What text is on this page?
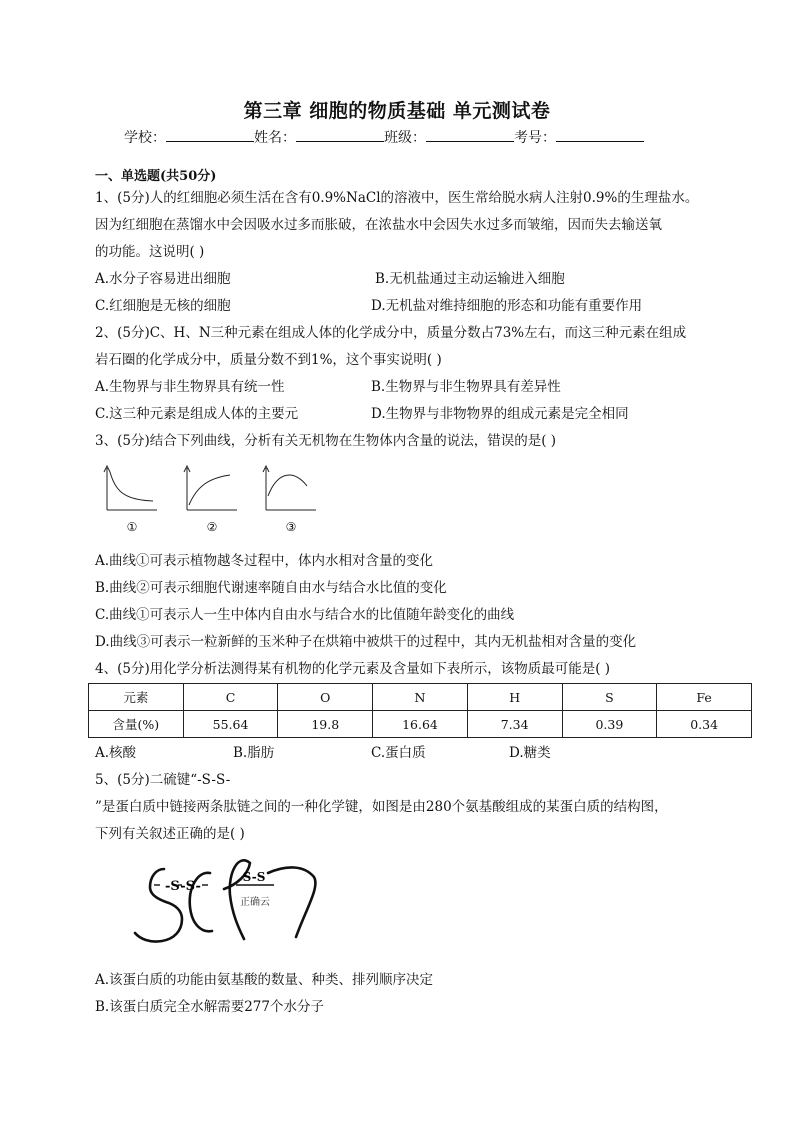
第三章 细胞的物质基础 单元测试卷
学校：	姓名：	班级：	考号：
一、单选题(共50分)
1、(5分)人的红细胞必须生活在含有0.9%NaCl的溶液中，医生常给脱水病人注射0.9%的生理盐水。
因为红细胞在蒸馏水中会因吸水过多而胀破，在浓盐水中会因失水过多而皱缩，因而失去输送氧
的功能。这说明( )
A.水分子容易进出细胞	B.无机盐通过主动运输进入细胞
C.红细胞是无核的细胞	D.无机盐对维持细胞的形态和功能有重要作用
2、(5分)C、H、N三种元素在组成人体的化学成分中，质量分数占73%左右，而这三种元素在组成
岩石圈的化学成分中，质量分数不到1%，这个事实说明( )
A.生物界与非生物界具有统一性	B.生物界与非生物界具有差异性
C.这三种元素是组成人体的主要元	D.生物界与非物物界的组成元素是完全相同
3、(5分)结合下列曲线，分析有关无机物在生物体内含量的说法，错误的是( )
①	②	③
A.曲线①可表示植物越冬过程中，体内水相对含量的变化
B.曲线②可表示细胞代谢速率随自由水与结合水比值的变化
C.曲线①可表示人一生中体内自由水与结合水的比值随年龄变化的曲线
D.曲线③可表示一粒新鲜的玉米种子在烘箱中被烘干的过程中，其内无机盐相对含量的变化
4、(5分)用化学分析法测得某有机物的化学元素及含量如下表所示，该物质最可能是( )
元素	C	O	N	H	S	Fe
含量(%)	55.64	19.8	16.64	7.34	0.39	0.34
A.核酸	B.脂肪	C.蛋白质	D.糖类
5、(5分)二硫键“-S-S-
”是蛋白质中链接两条肽链之间的一种化学键，如图是由280个氨基酸组成的某蛋白质的结构图，
下列有关叙述正确的是( )
-S-S-
S-S
正确云
A.该蛋白质的功能由氨基酸的数量、种类、排列顺序决定
B.该蛋白质完全水解需要277个水分子
